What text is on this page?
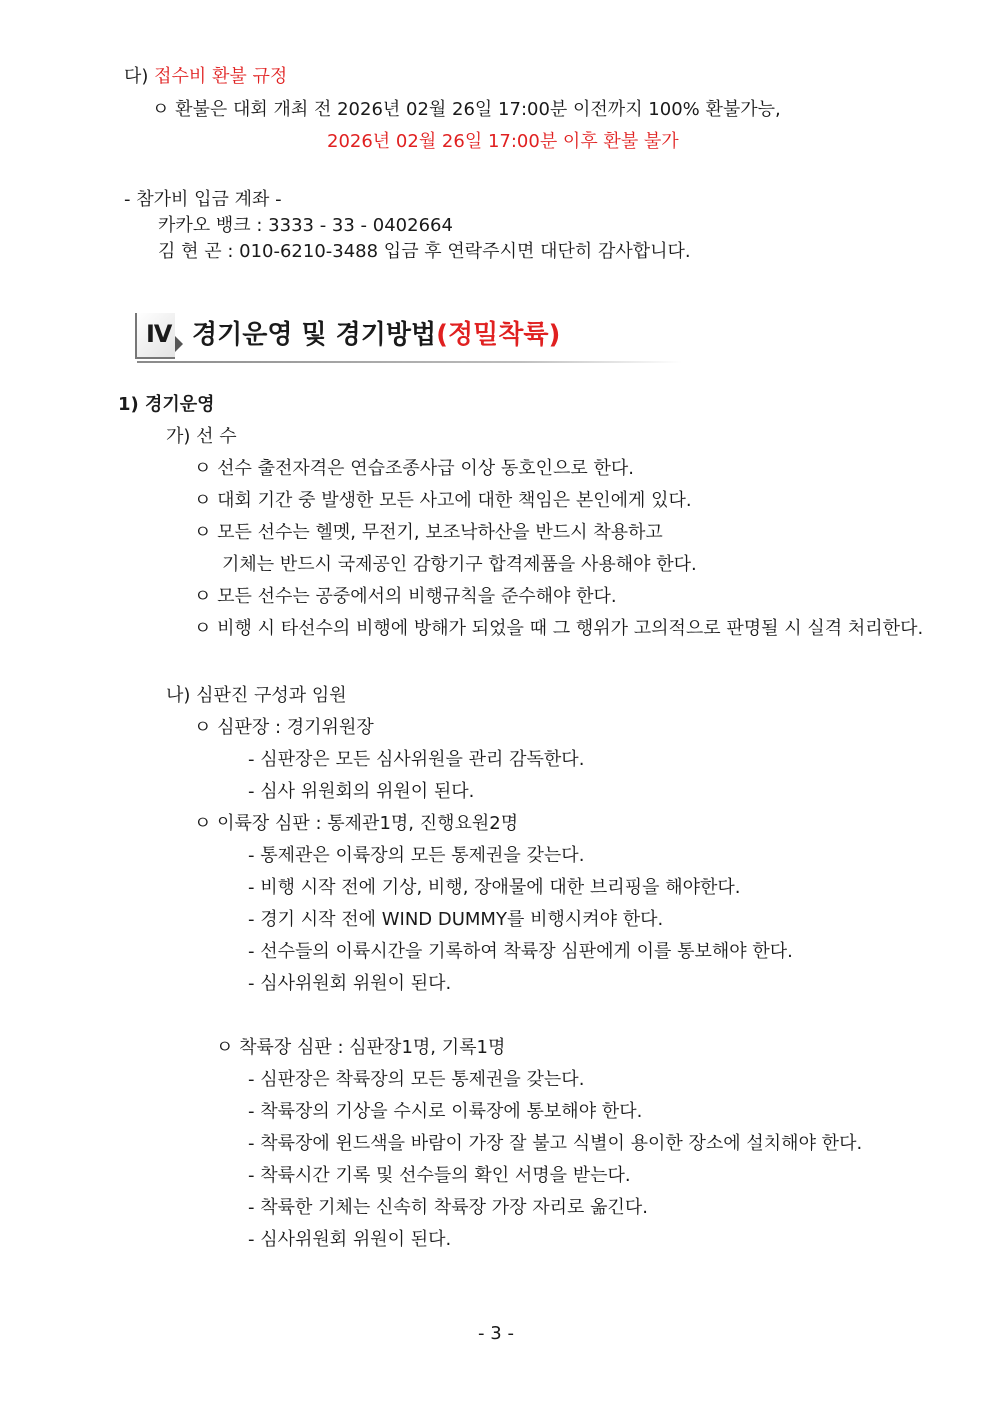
다) 접수비 환불 규정
ㅇ 환불은 대회 개최 전 2026년 02월 26일 17:00분 이전까지 100% 환불가능,
2026년 02월 26일 17:00분 이후 환불 불가
- 참가비 입금 계좌 -
카카오 뱅크 : 3333 - 33 - 0402664
김 현 곤 : 010-6210-3488 입금 후 연락주시면 대단히 감사합니다.
Ⅳ 경기운영 및 경기방법(정밀착륙)
1) 경기운영
가) 선 수
ㅇ 선수 출전자격은 연습조종사급 이상 동호인으로 한다.
ㅇ 대회 기간 중 발생한 모든 사고에 대한 책임은 본인에게 있다.
ㅇ 모든 선수는 헬멧, 무전기, 보조낙하산을 반드시 착용하고
기체는 반드시 국제공인 감항기구 합격제품을 사용해야 한다.
ㅇ 모든 선수는 공중에서의 비행규칙을 준수해야 한다.
ㅇ 비행 시 타선수의 비행에 방해가 되었을 때 그 행위가 고의적으로 판명될 시 실격 처리한다.
나) 심판진 구성과 임원
ㅇ 심판장 : 경기위원장
- 심판장은 모든 심사위원을 관리 감독한다.
- 심사 위원회의 위원이 된다.
ㅇ 이륙장 심판 : 통제관1명, 진행요원2명
- 통제관은 이륙장의 모든 통제권을 갖는다.
- 비행 시작 전에 기상, 비행, 장애물에 대한 브리핑을 해야한다.
- 경기 시작 전에 WIND DUMMY를 비행시켜야 한다.
- 선수들의 이륙시간을 기록하여 착륙장 심판에게 이를 통보해야 한다.
- 심사위원회 위원이 된다.
ㅇ 착륙장 심판 : 심판장1명, 기록1명
- 심판장은 착륙장의 모든 통제권을 갖는다.
- 착륙장의 기상을 수시로 이륙장에 통보해야 한다.
- 착륙장에 윈드색을 바람이 가장 잘 불고 식별이 용이한 장소에 설치해야 한다.
- 착륙시간 기록 및 선수들의 확인 서명을 받는다.
- 착륙한 기체는 신속히 착륙장 가장 자리로 옮긴다.
- 심사위원회 위원이 된다.
- 3 -
